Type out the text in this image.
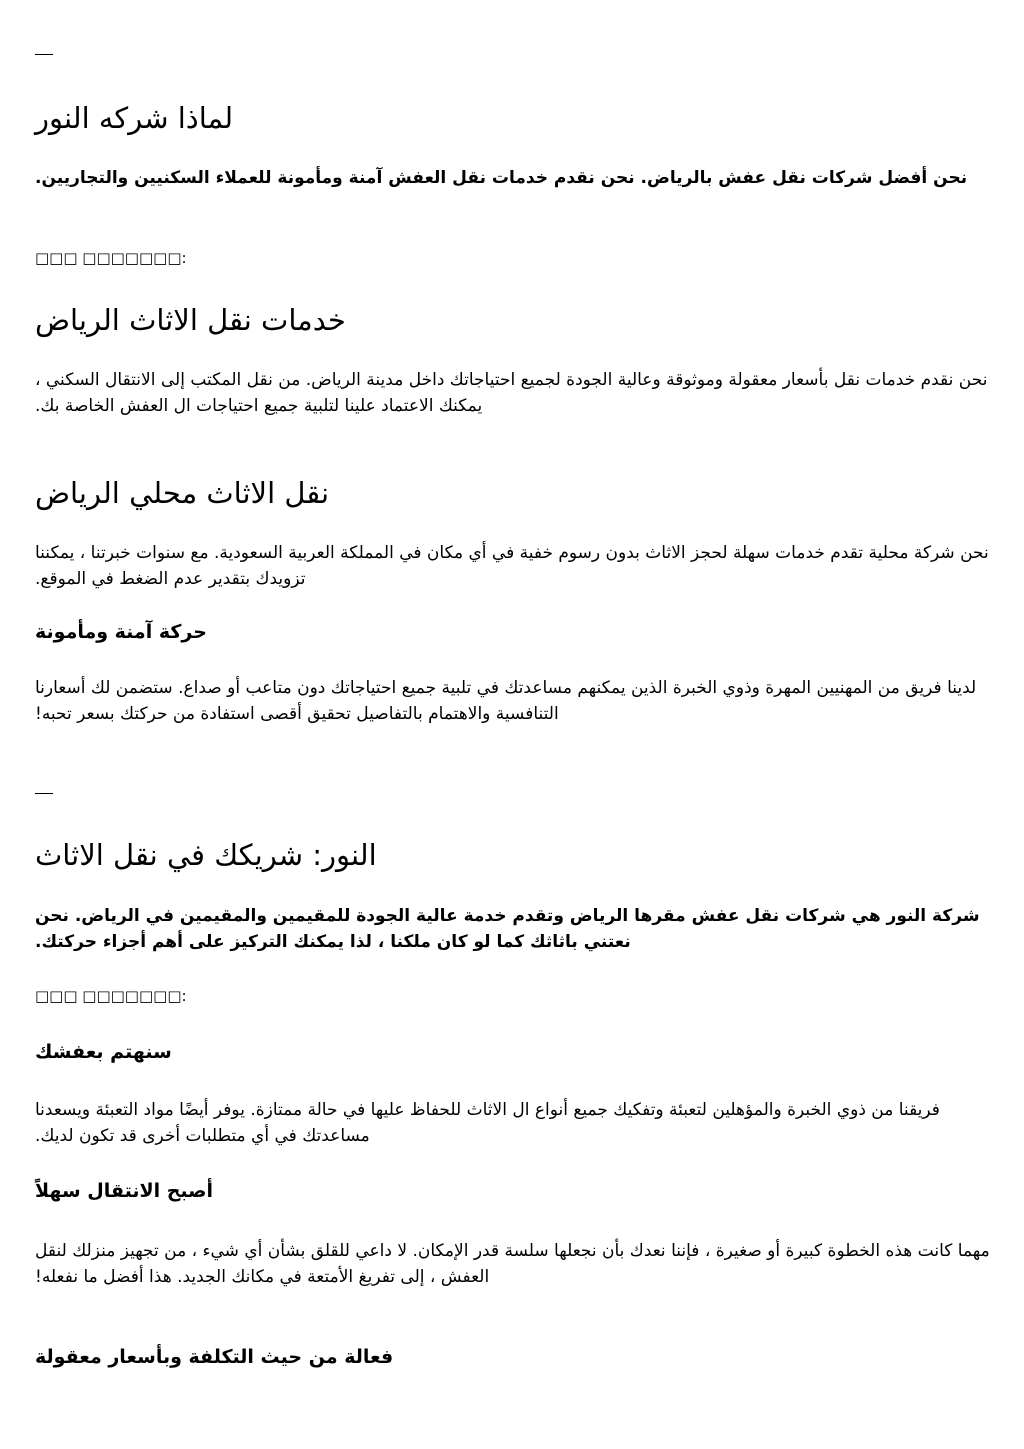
لماذا شركه النور
نحن أفضل شركات نقل عفش بالرياض. نحن نقدم خدمات نقل العفش آمنة ومأمونة للعملاء السكنيين والتجاريين.
□□□ □□□□□□□:
خدمات نقل الاثاث الرياض
نحن نقدم خدمات نقل بأسعار معقولة وموثوقة وعالية الجودة لجميع احتياجاتك داخل مدينة الرياض. من نقل المكتب إلى الانتقال السكني ، يمكنك الاعتماد علينا لتلبية جميع احتياجات ال العفش الخاصة بك.
نقل الاثاث محلي الرياض
نحن شركة محلية تقدم خدمات سهلة لحجز الاثاث بدون رسوم خفية في أي مكان في المملكة العربية السعودية. مع سنوات خبرتنا ، يمكننا تزويدك بتقدير عدم الضغط في الموقع.
حركة آمنة ومأمونة
لدينا فريق من المهنيين المهرة وذوي الخبرة الذين يمكنهم مساعدتك في تلبية جميع احتياجاتك دون متاعب أو صداع. ستضمن لك أسعارنا التنافسية والاهتمام بالتفاصيل تحقيق أقصى استفادة من حركتك بسعر تحبه!
النور: شريكك في نقل الاثاث
شركة النور هي شركات نقل عفش مقرها الرياض وتقدم خدمة عالية الجودة للمقيمين والمقيمين في الرياض. نحن نعتني باثاثك كما لو كان ملكنا ، لذا يمكنك التركيز على أهم أجزاء حركتك.
□□□ □□□□□□□:
سنهتم بعفشك
فريقنا من ذوي الخبرة والمؤهلين لتعبئة وتفكيك جميع أنواع ال الاثاث للحفاظ عليها في حالة ممتازة. يوفر أيضًا مواد التعبئة ويسعدنا مساعدتك في أي متطلبات أخرى قد تكون لديك.
أصبح الانتقال سهلاً
مهما كانت هذه الخطوة كبيرة أو صغيرة ، فإننا نعدك بأن نجعلها سلسة قدر الإمكان. لا داعي للقلق بشأن أي شيء ، من تجهيز منزلك لنقل العفش ، إلى تفريغ الأمتعة في مكانك الجديد. هذا أفضل ما نفعله!
فعالة من حيث التكلفة وبأسعار معقولة
